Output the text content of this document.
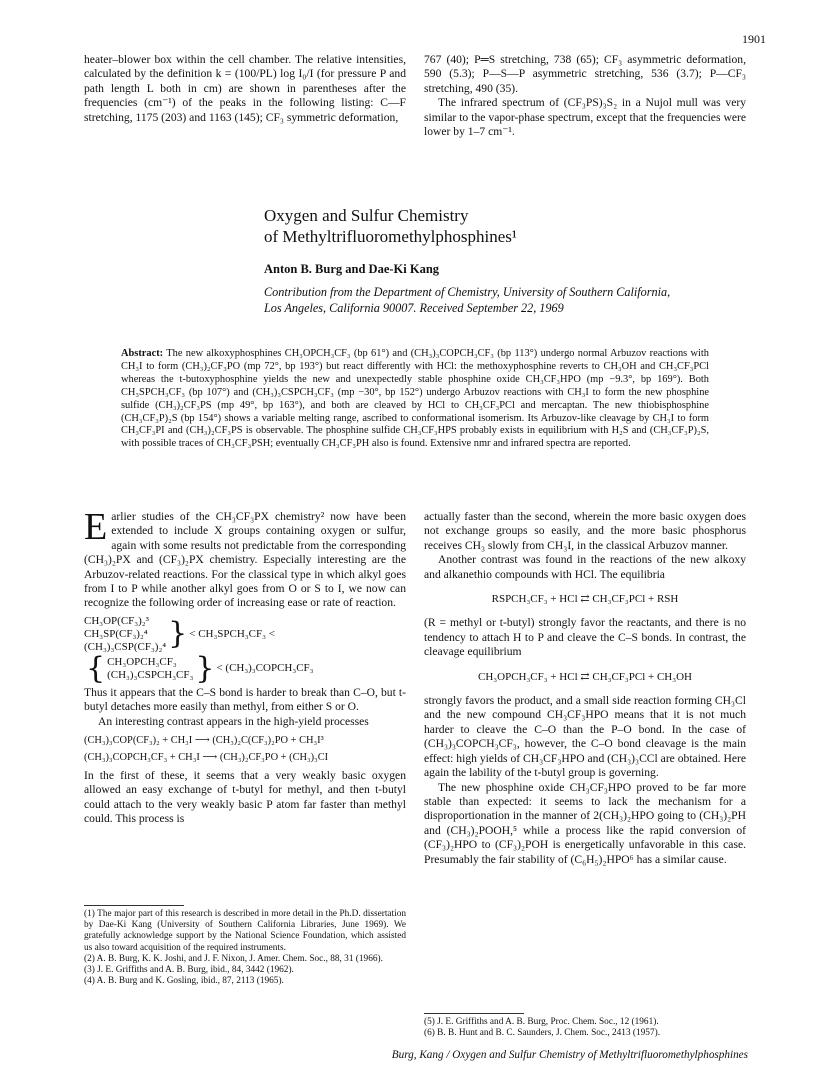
1901

heater–blower box within the cell chamber. The relative intensities, calculated by the definition k = (100/PL) log I₀/I (for pressure P and path length L both in cm) are shown in parentheses after the frequencies (cm⁻¹) of the peaks in the following listing: C—F stretching, 1175 (203) and 1163 (145); CF₃ symmetric deformation,

767 (40); P═S stretching, 738 (65); CF₃ asymmetric deformation, 590 (5.3); P—S—P asymmetric stretching, 536 (3.7); P—CF₃ stretching, 490 (35).

The infrared spectrum of (CF₃PS)₃S₂ in a Nujol mull was very similar to the vapor-phase spectrum, except that the frequencies were lower by 1–7 cm⁻¹.

Oxygen and Sulfur Chemistry
of Methyltrifluoromethylphosphines¹
Anton B. Burg and Dae-Ki Kang
Contribution from the Department of Chemistry, University of Southern California,
Los Angeles, California 90007. Received September 22, 1969
Abstract: The new alkoxyphosphines CH₃OPCH₃CF₃ (bp 61°) and (CH₃)₃COPCH₃CF₃ (bp 113°) undergo normal Arbuzov reactions with CH₃I to form (CH₃)₂CF₃PO (mp 72°, bp 193°) but react differently with HCl: the methoxyphosphine reverts to CH₃OH and CH₃CF₃PCl whereas the t-butoxyphosphine yields the new and unexpectedly stable phosphine oxide CH₃CF₃HPO (mp −9.3°, bp 169°). Both CH₃SPCH₃CF₃ (bp 107°) and (CH₃)₃CSPCH₃CF₃ (mp −30°, bp 152°) undergo Arbuzov reactions with CH₃I to form the new phosphine sulfide (CH₃)₂CF₃PS (mp 49°, bp 163°), and both are cleaved by HCl to CH₃CF₃PCl and mercaptan. The new thiobisphosphine (CH₃CF₃P)₂S (bp 154°) shows a variable melting range, ascribed to conformational isomerism. Its Arbuzov-like cleavage by CH₃I to form CH₃CF₃PI and (CH₃)₂CF₃PS is observable. The phosphine sulfide CH₃CF₃HPS probably exists in equilibrium with H₂S and (CH₃CF₃P)₂S, with possible traces of CH₃CF₃PSH; eventually CH₃CF₃PH also is found. Extensive nmr and infrared spectra are reported.

Earlier studies of the CH₃CF₃PX chemistry² now have been extended to include X groups containing oxygen or sulfur, again with some results not predictable from the corresponding (CH₃)₂PX and (CF₃)₂PX chemistry. Especially interesting are the Arbuzov-related reactions. For the classical type in which alkyl goes from I to P while another alkyl goes from O or S to I, we now can recognize the following order of increasing ease or rate of reaction.

CH₃OP(CF₃)₂³
CH₃SP(CF₃)₂⁴
(CH₃)₃CSP(CF₃)₂⁴ } < CH₃SPCH₃CF₃ <
{ CH₃OPCH₃CF₃
(CH₃)₃CSPCH₃CF₃ } < (CH₃)₃COPCH₃CF₃

Thus it appears that the C–S bond is harder to break than C–O, but t-butyl detaches more easily than methyl, from either S or O.

An interesting contrast appears in the high-yield processes

(CH₃)₃COP(CF₃)₂ + CH₃I ⟶ (CH₃)₂C(CF₃)₂PO + CH₃I³
(CH₃)₃COPCH₃CF₃ + CH₃I ⟶ (CH₃)₂CF₃PO + (CH₃)₃CI

In the first of these, it seems that a very weakly basic oxygen allowed an easy exchange of t-butyl for methyl, and then t-butyl could attach to the very weakly basic P atom far faster than methyl could. This process is

actually faster than the second, wherein the more basic oxygen does not exchange groups so easily, and the more basic phosphorus receives CH₃ slowly from CH₃I, in the classical Arbuzov manner.

Another contrast was found in the reactions of the new alkoxy and alkanethio compounds with HCl. The equilibria

RSPCH₃CF₃ + HCl ⇄ CH₃CF₃PCl + RSH

(R = methyl or t-butyl) strongly favor the reactants, and there is no tendency to attach H to P and cleave the C–S bonds. In contrast, the cleavage equilibrium

CH₃OPCH₃CF₃ + HCl ⇄ CH₃CF₃PCl + CH₃OH

strongly favors the product, and a small side reaction forming CH₃Cl and the new compound CH₃CF₃HPO means that it is not much harder to cleave the C–O than the P–O bond. In the case of (CH₃)₃COPCH₃CF₃, however, the C–O bond cleavage is the main effect: high yields of CH₃CF₃HPO and (CH₃)₃CCl are obtained. Here again the lability of the t-butyl group is governing.

The new phosphine oxide CH₃CF₃HPO proved to be far more stable than expected: it seems to lack the mechanism for a disproportionation in the manner of 2(CH₃)₂HPO going to (CH₃)₂PH and (CH₃)₂POOH,⁵ while a process like the rapid conversion of (CF₃)₂HPO to (CF₃)₂POH is energetically unfavorable in this case. Presumably the fair stability of (C₆H₅)₂HPO⁶ has a similar cause.

(1) The major part of this research is described in more detail in the Ph.D. dissertation by Dae-Ki Kang (University of Southern California Libraries, June 1969). We gratefully acknowledge support by the National Science Foundation, which assisted us also toward acquisition of the required instruments.

(2) A. B. Burg, K. K. Joshi, and J. F. Nixon, J. Amer. Chem. Soc., 88, 31 (1966).

(3) J. E. Griffiths and A. B. Burg, ibid., 84, 3442 (1962).

(4) A. B. Burg and K. Gosling, ibid., 87, 2113 (1965).

(5) J. E. Griffiths and A. B. Burg, Proc. Chem. Soc., 12 (1961).

(6) B. B. Hunt and B. C. Saunders, J. Chem. Soc., 2413 (1957).

Burg, Kang / Oxygen and Sulfur Chemistry of Methyltrifluoromethylphosphines
